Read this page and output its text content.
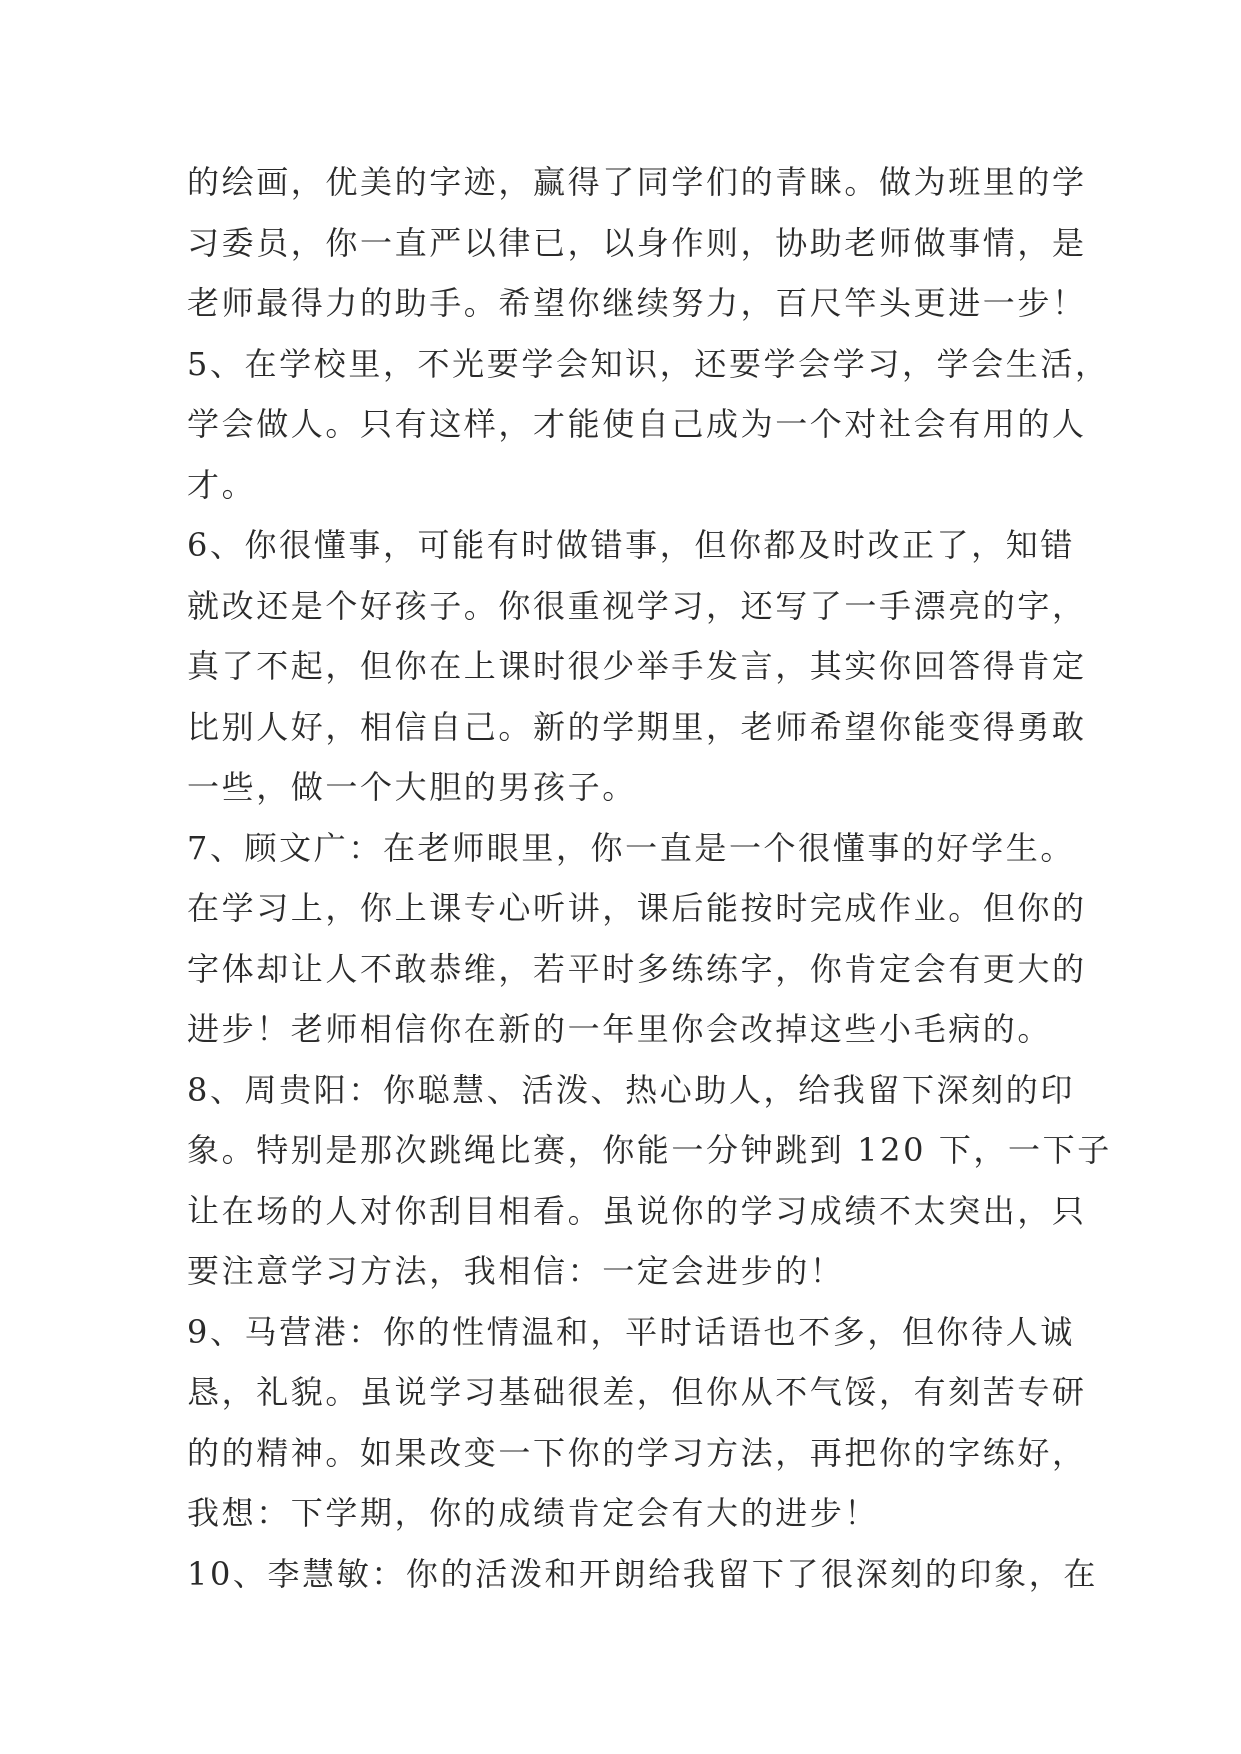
的绘画，优美的字迹，赢得了同学们的青睐。做为班里的学
习委员，你一直严以律已，以身作则，协助老师做事情，是
老师最得力的助手。希望你继续努力，百尺竿头更进一步！
5、在学校里，不光要学会知识，还要学会学习，学会生活，
学会做人。只有这样，才能使自己成为一个对社会有用的人
才。
6、你很懂事，可能有时做错事，但你都及时改正了，知错
就改还是个好孩子。你很重视学习，还写了一手漂亮的字，
真了不起，但你在上课时很少举手发言，其实你回答得肯定
比别人好，相信自己。新的学期里，老师希望你能变得勇敢
一些，做一个大胆的男孩子。
7、顾文广：在老师眼里，你一直是一个很懂事的好学生。
在学习上，你上课专心听讲，课后能按时完成作业。但你的
字体却让人不敢恭维，若平时多练练字，你肯定会有更大的
进步！老师相信你在新的一年里你会改掉这些小毛病的。
8、周贵阳：你聪慧、活泼、热心助人，给我留下深刻的印
象。特别是那次跳绳比赛，你能一分钟跳到 120 下，一下子
让在场的人对你刮目相看。虽说你的学习成绩不太突出，只
要注意学习方法，我相信：一定会进步的！
9、马营港：你的性情温和，平时话语也不多，但你待人诚
恳，礼貌。虽说学习基础很差，但你从不气馁，有刻苦专研
的的精神。如果改变一下你的学习方法，再把你的字练好，
我想：下学期，你的成绩肯定会有大的进步！
10、李慧敏：你的活泼和开朗给我留下了很深刻的印象，在
